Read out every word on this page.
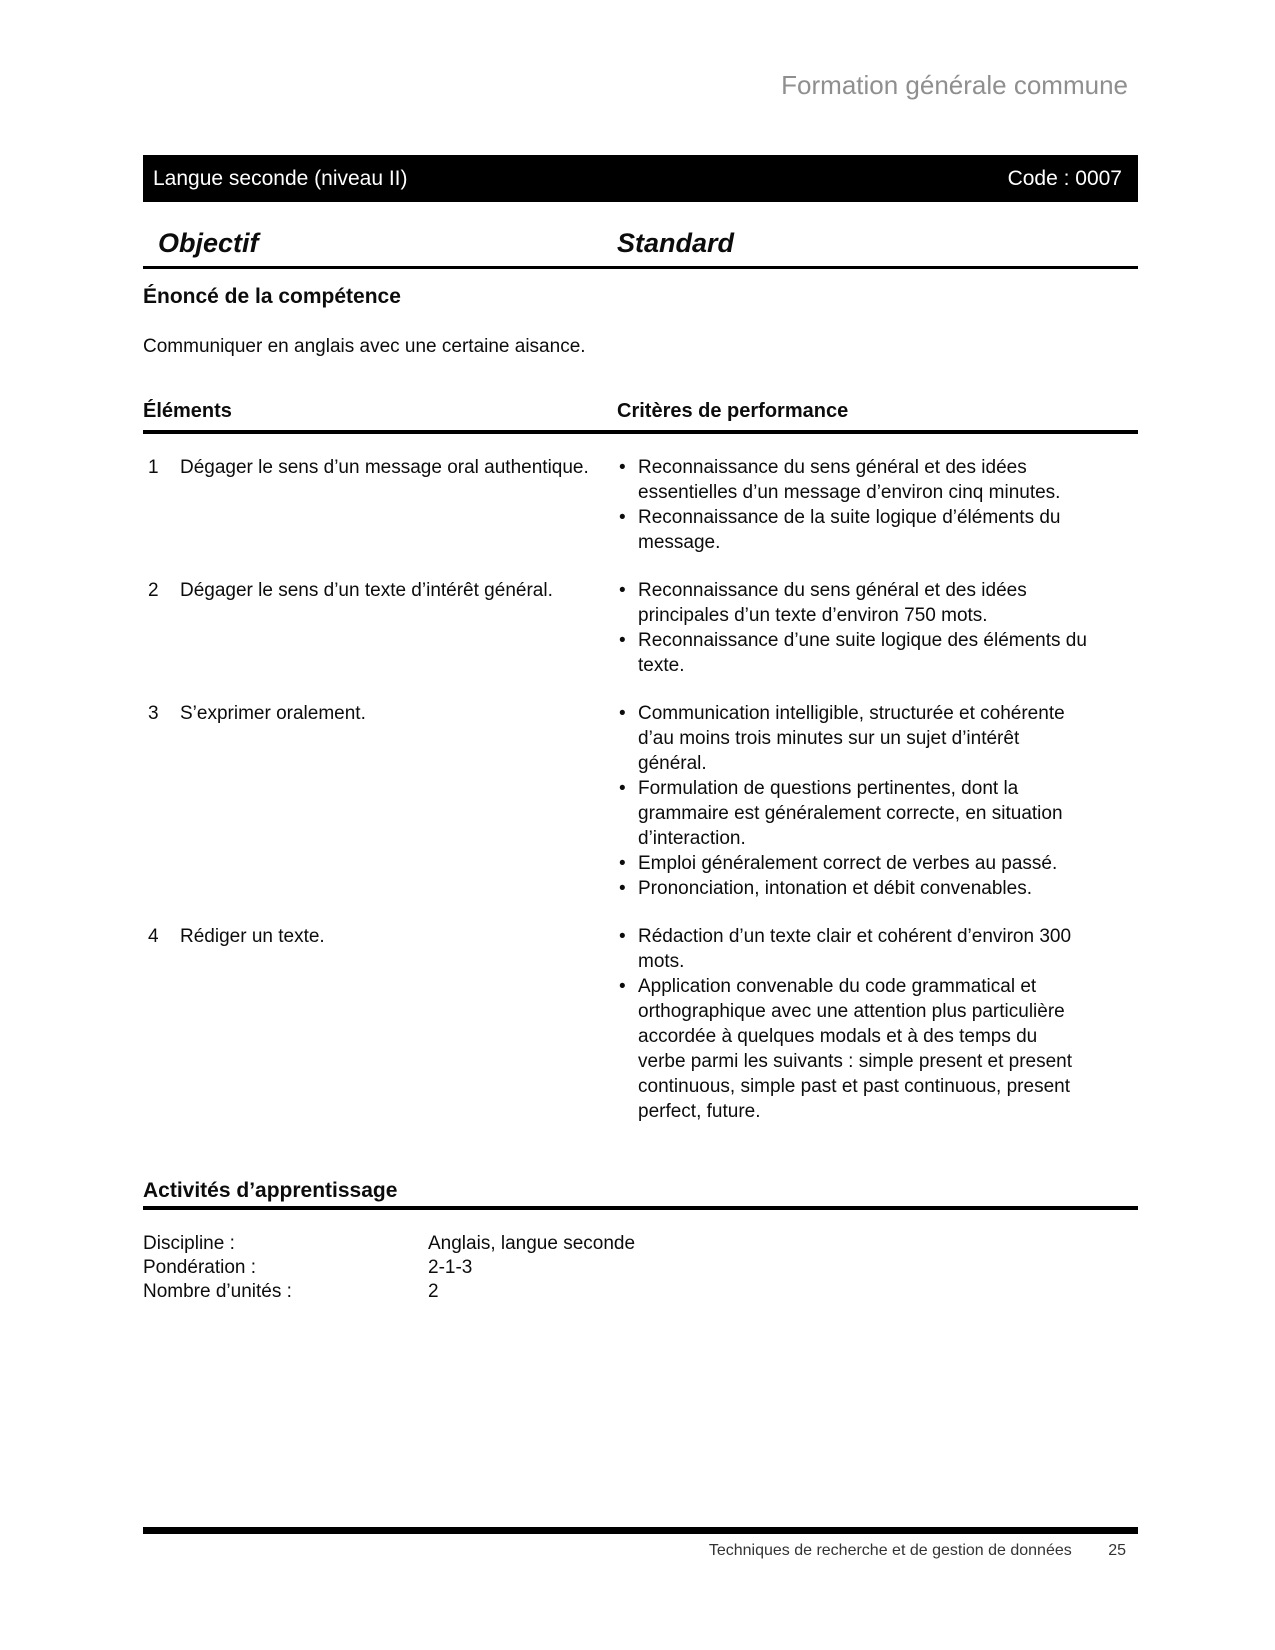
Formation générale commune
Langue seconde (niveau II)	Code : 0007
Objectif	Standard
Énoncé de la compétence
Communiquer en anglais avec une certaine aisance.
Éléments	Critères de performance
1	Dégager le sens d’un message oral authentique.	• Reconnaissance du sens général et des idées essentielles d’un message d’environ cinq minutes.
• Reconnaissance de la suite logique d’éléments du message.
2	Dégager le sens d’un texte d’intérêt général.	• Reconnaissance du sens général et des idées principales d’un texte d’environ 750 mots.
• Reconnaissance d’une suite logique des éléments du texte.
3	S’exprimer oralement.	• Communication intelligible, structurée et cohérente d’au moins trois minutes sur un sujet d’intérêt général.
• Formulation de questions pertinentes, dont la grammaire est généralement correcte, en situation d’interaction.
• Emploi généralement correct de verbes au passé.
• Prononciation, intonation et débit convenables.
4	Rédiger un texte.	• Rédaction d’un texte clair et cohérent d’environ 300 mots.
• Application convenable du code grammatical et orthographique avec une attention plus particulière accordée à quelques modals et à des temps du verbe parmi les suivants : simple present et present continuous, simple past et past continuous, present perfect, future.
Activités d’apprentissage
Discipline :	Anglais, langue seconde
Pondération :	2-1-3
Nombre d’unités :	2
Techniques de recherche et de gestion de données 25
